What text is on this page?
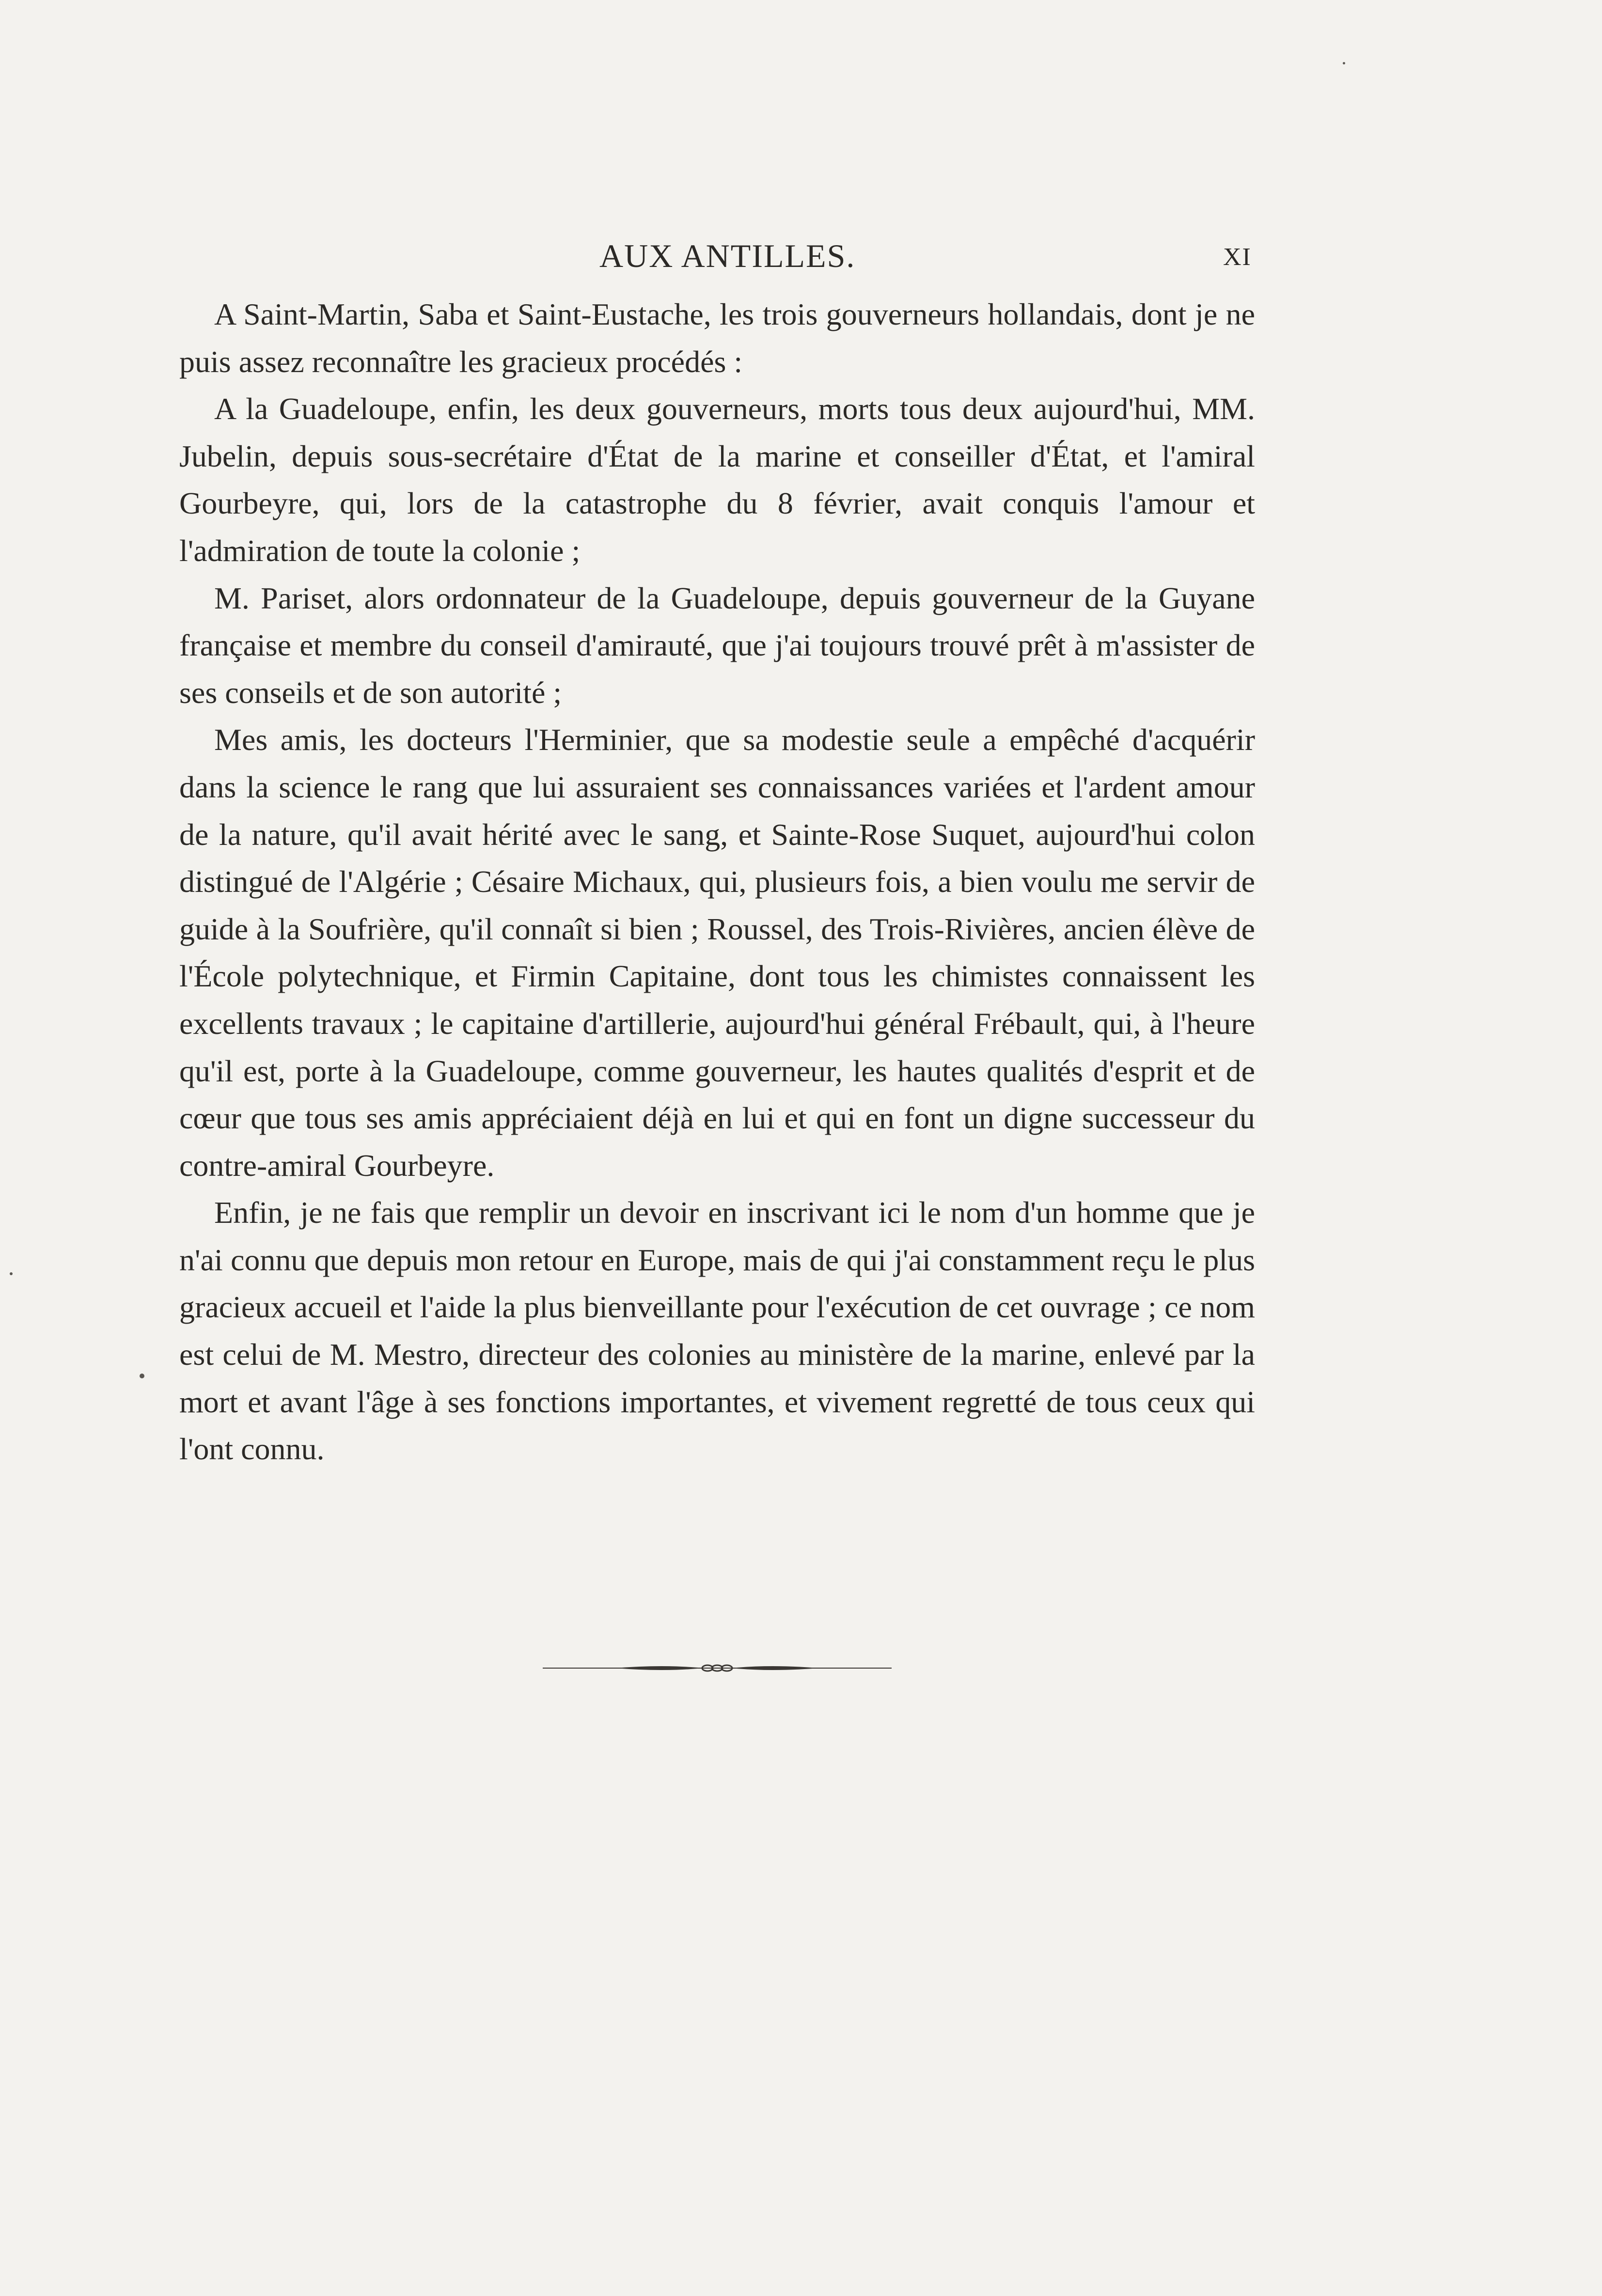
AUX ANTILLES.	XI

A Saint-Martin, Saba et Saint-Eustache, les trois gouverneurs hollandais, dont je ne puis assez reconnaître les gracieux procédés :

A la Guadeloupe, enfin, les deux gouverneurs, morts tous deux aujourd'hui, MM. Jubelin, depuis sous-secrétaire d'État de la marine et conseiller d'État, et l'amiral Gourbeyre, qui, lors de la catastrophe du 8 février, avait conquis l'amour et l'admiration de toute la colonie ;

M. Pariset, alors ordonnateur de la Guadeloupe, depuis gouverneur de la Guyane française et membre du conseil d'amirauté, que j'ai toujours trouvé prêt à m'assister de ses conseils et de son autorité ;

Mes amis, les docteurs l'Herminier, que sa modestie seule a empêché d'acquérir dans la science le rang que lui assuraient ses connaissances variées et l'ardent amour de la nature, qu'il avait hérité avec le sang, et Sainte-Rose Suquet, aujourd'hui colon distingué de l'Algérie ; Césaire Michaux, qui, plusieurs fois, a bien voulu me servir de guide à la Soufrière, qu'il connaît si bien ; Roussel, des Trois-Rivières, ancien élève de l'École polytechnique, et Firmin Capitaine, dont tous les chimistes connaissent les excellents travaux ; le capitaine d'artillerie, aujourd'hui général Frébault, qui, à l'heure qu'il est, porte à la Guadeloupe, comme gouverneur, les hautes qualités d'esprit et de cœur que tous ses amis appréciaient déjà en lui et qui en font un digne successeur du contre-amiral Gourbeyre.

Enfin, je ne fais que remplir un devoir en inscrivant ici le nom d'un homme que je n'ai connu que depuis mon retour en Europe, mais de qui j'ai constamment reçu le plus gracieux accueil et l'aide la plus bienveillante pour l'exécution de cet ouvrage ; ce nom est celui de M. Mestro, directeur des colonies au ministère de la marine, enlevé par la mort et avant l'âge à ses fonctions importantes, et vivement regretté de tous ceux qui l'ont connu.
